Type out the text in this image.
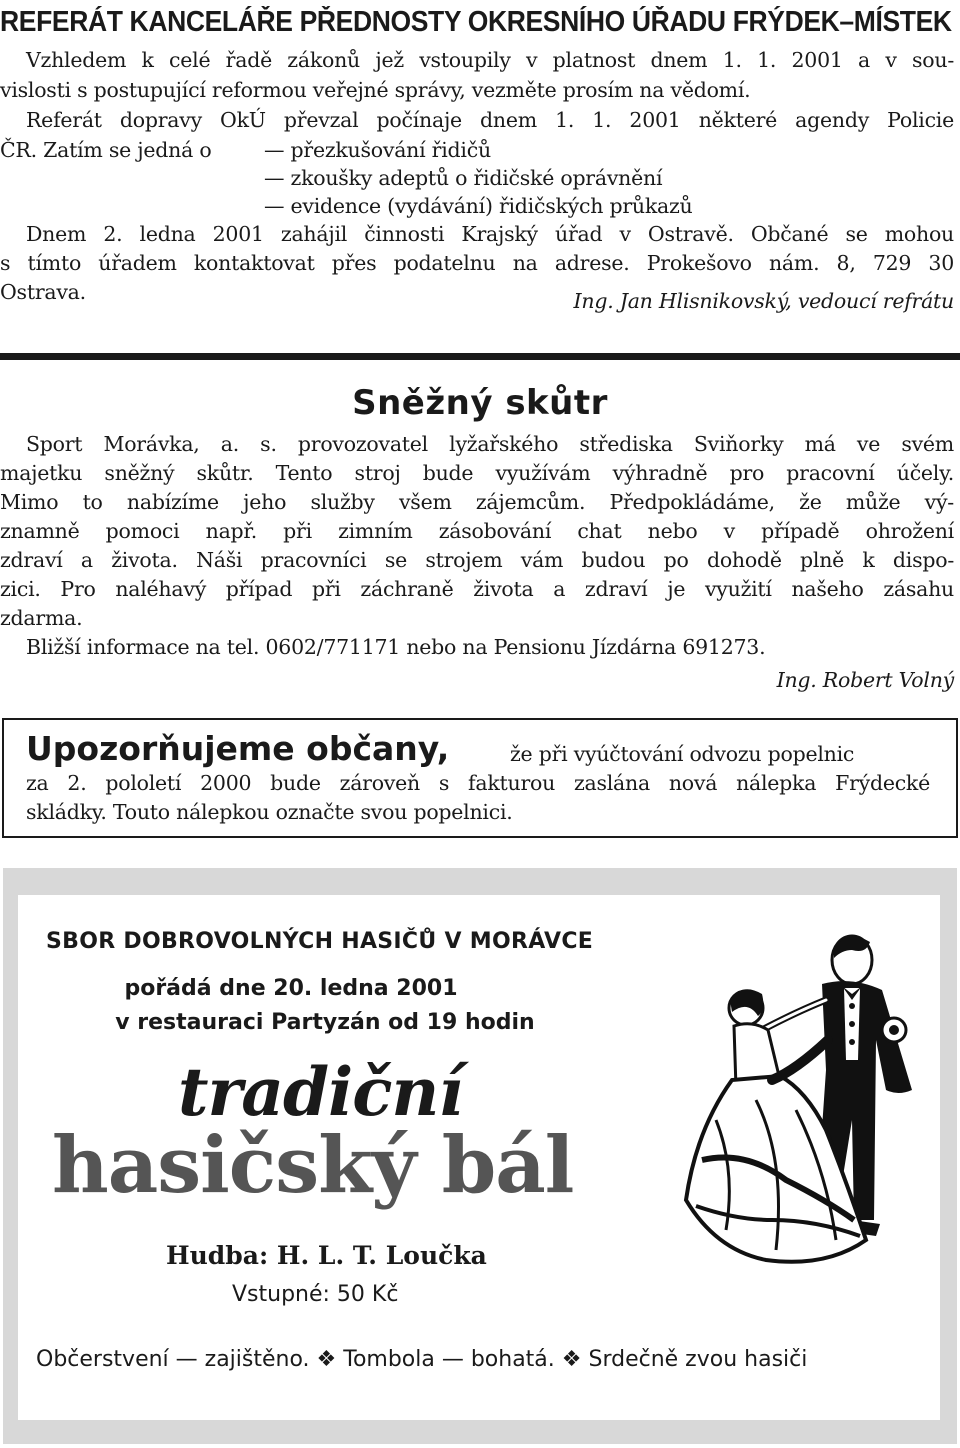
REFERÁT KANCELÁŘE PŘEDNOSTY OKRESNÍHO ÚŘADU FRÝDEK–MÍSTEK
Vzhledem k celé řadě zákonů jež vstoupily v platnost dnem 1. 1. 2001 a v sou-
vislosti s postupující reformou veřejné správy, vezměte prosím na vědomí.
Referát dopravy OkÚ převzal počínaje dnem 1. 1. 2001 některé agendy Policie
ČR. Zatím se jedná o	— přezkušování řidičů
— zkoušky adeptů o řidičské oprávnění
— evidence (vydávání) řidičských průkazů
Dnem 2. ledna 2001 zahájil činnosti Krajský úřad v Ostravě. Občané se mohou
s tímto úřadem kontaktovat přes podatelnu na adrese. Prokešovo nám. 8, 729 30
Ostrava.	Ing. Jan Hlisnikovský, vedoucí refrátu
Sněžný skůtr
Sport Morávka, a. s. provozovatel lyžařského střediska Sviňorky má ve svém
majetku sněžný skůtr. Tento stroj bude využívám výhradně pro pracovní účely.
Mimo to nabízíme jeho služby všem zájemcům. Předpokládáme, že může vý-
znamně pomoci např. při zimním zásobování chat nebo v případě ohrožení
zdraví a života. Náši pracovníci se strojem vám budou po dohodě plně k dispo-
zici. Pro naléhavý případ při záchraně života a zdraví je využití našeho zásahu
zdarma.
Bližší informace na tel. 0602/771171 nebo na Pensionu Jízdárna 691273.
Ing. Robert Volný
Upozorňujeme občany,	že při vyúčtování odvozu popelnic
za 2. pololetí 2000 bude zároveň s fakturou zaslána nová nálepka Frýdecké
skládky. Touto nálepkou označte svou popelnici.
SBOR DOBROVOLNÝCH HASIČŮ V MORÁVCE
pořádá dne 20. ledna 2001
v restauraci Partyzán od 19 hodin
tradiční
hasičský bál
Hudba: H. L. T. Loučka
Vstupné: 50 Kč
Občerstvení — zajištěno. ❖ Tombola — bohatá. ❖ Srdečně zvou hasiči
